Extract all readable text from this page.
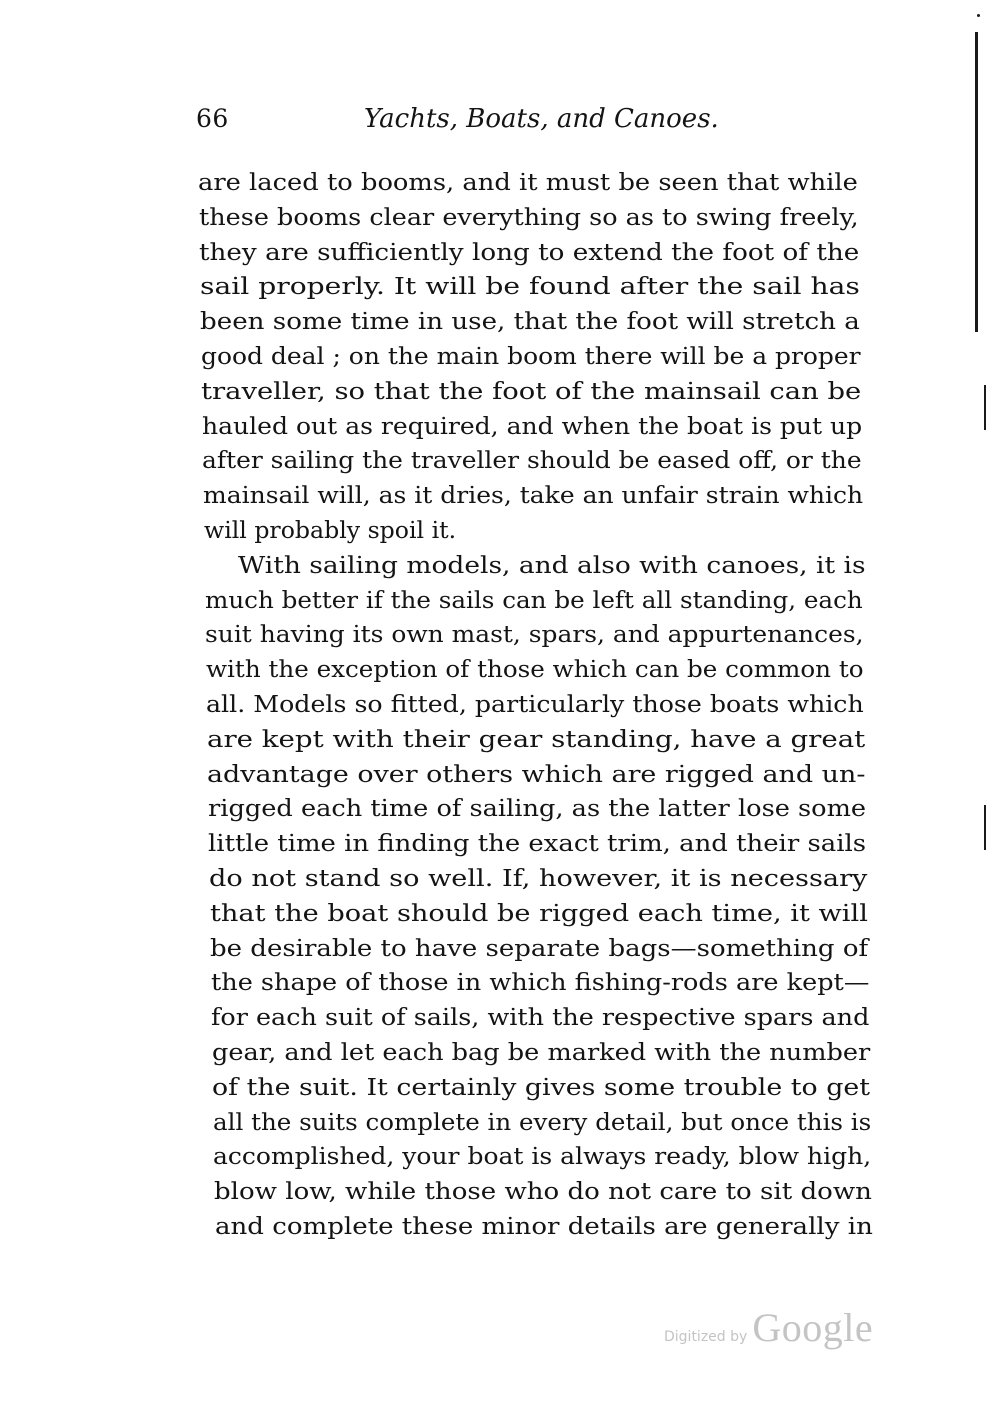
66	Yachts, Boats, and Canoes.
are laced to booms, and it must be seen that while
these booms clear everything so as to swing freely,
they are sufficiently long to extend the foot of the
sail properly. It will be found after the sail has
been some time in use, that the foot will stretch a
good deal ; on the main boom there will be a proper
traveller, so that the foot of the mainsail can be
hauled out as required, and when the boat is put up
after sailing the traveller should be eased off, or the
mainsail will, as it dries, take an unfair strain which
will probably spoil it.
With sailing models, and also with canoes, it is
much better if the sails can be left all standing, each
suit having its own mast, spars, and appurtenances,
with the exception of those which can be common to
all. Models so fitted, particularly those boats which
are kept with their gear standing, have a great
advantage over others which are rigged and un-
rigged each time of sailing, as the latter lose some
little time in finding the exact trim, and their sails
do not stand so well. If, however, it is necessary
that the boat should be rigged each time, it will
be desirable to have separate bags—something of
the shape of those in which fishing-rods are kept—
for each suit of sails, with the respective spars and
gear, and let each bag be marked with the number
of the suit. It certainly gives some trouble to get
all the suits complete in every detail, but once this is
accomplished, your boat is always ready, blow high,
blow low, while those who do not care to sit down
and complete these minor details are generally in
Digitized by Google
